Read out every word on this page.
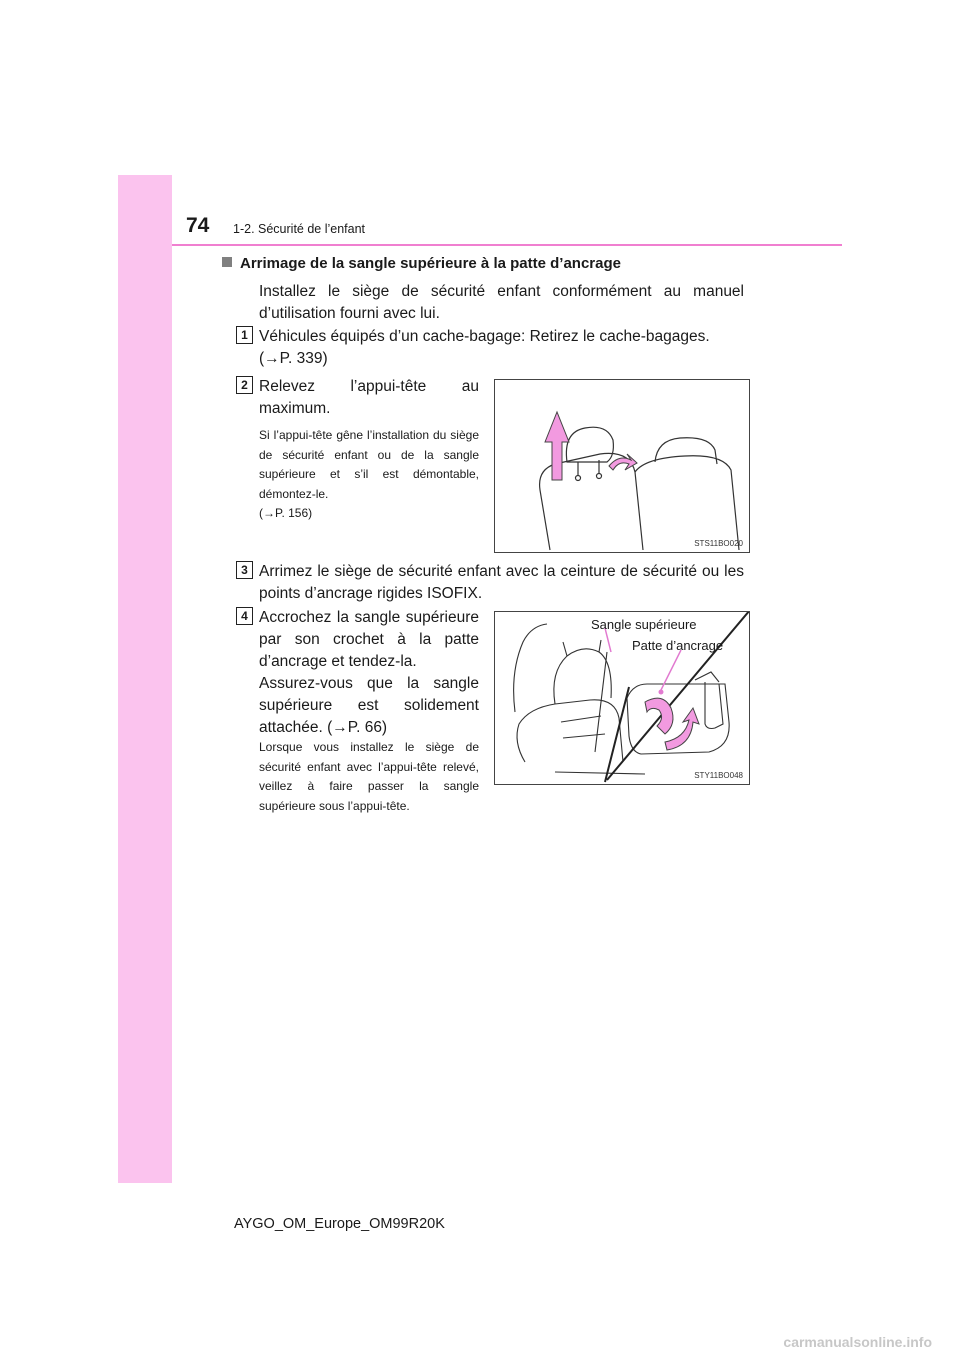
74 1-2. Sécurité de l’enfant
Arrimage de la sangle supérieure à la patte d’ancrage
Installez le siège de sécurité enfant conformément au manuel d’utilisation fourni avec lui.
1 Véhicules équipés d’un cache-bagage: Retirez le cache-bagages.
(→P. 339)
2 Relevez l’appui-tête au maximum.
Si l’appui-tête gêne l’installation du siège de sécurité enfant ou de la sangle supérieure et s’il est démontable, démontez-le.
(→P. 156)
STS11BO020
3 Arrimez le siège de sécurité enfant avec la ceinture de sécurité ou les points d’ancrage rigides ISOFIX.
4 Accrochez la sangle supérieure par son crochet à la patte d’ancrage et tendez-la.
Assurez-vous que la sangle supérieure est solidement attachée. (→P. 66)
Lorsque vous installez le siège de sécurité enfant avec l’appui-tête relevé, veillez à faire passer la sangle supérieure sous l’appui-tête.
Sangle supérieure
Patte d’ancrage
STY11BO048
AYGO_OM_Europe_OM99R20K
carmanualsonline.info
